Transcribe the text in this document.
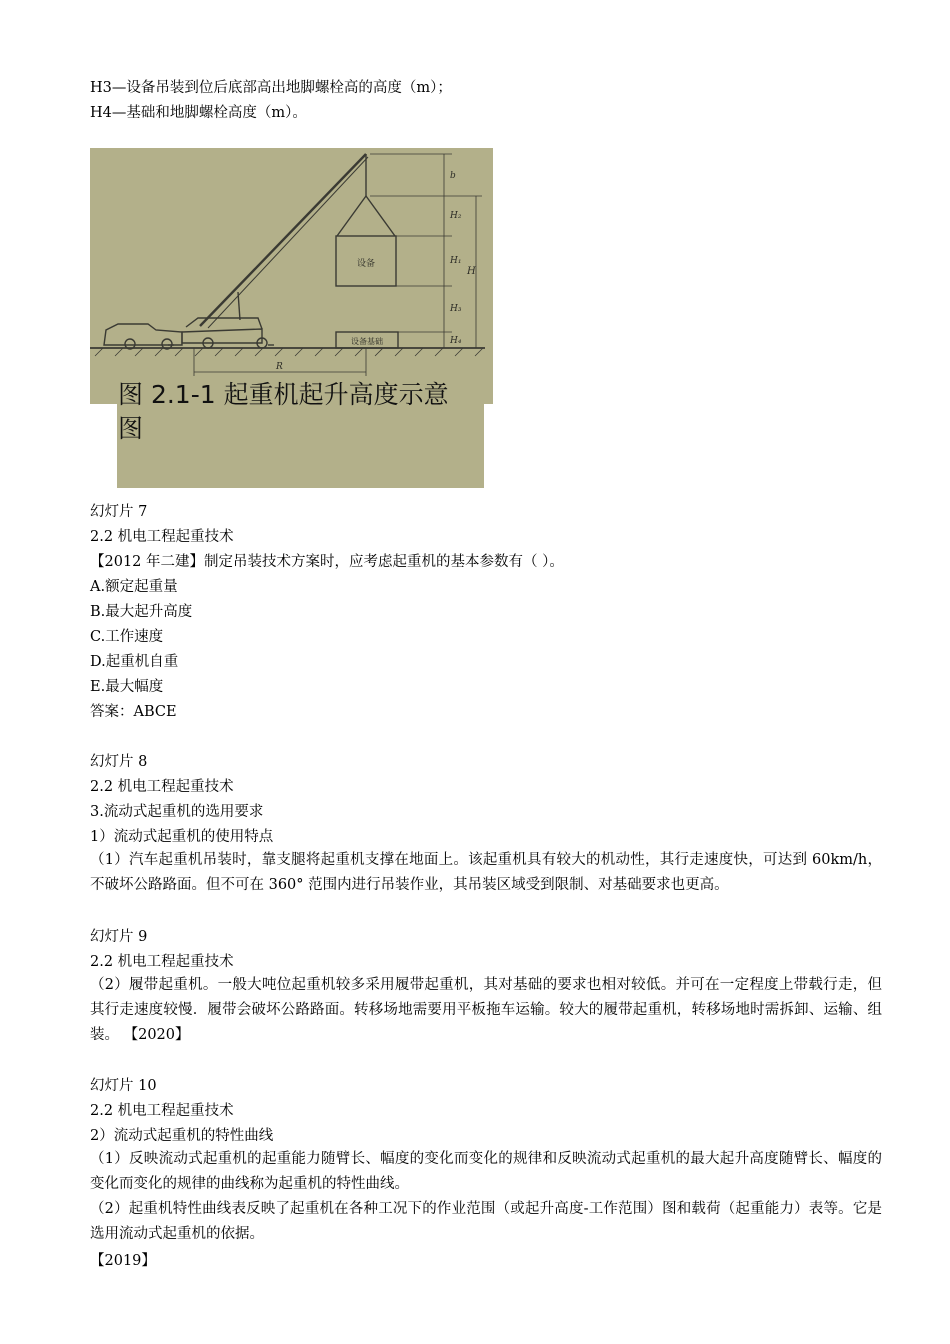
H3—设备吊装到位后底部高出地脚螺栓高的高度（m）；
H4—基础和地脚螺栓高度（m）。
设备
设备基础
b
H₂
H₁
H₃
H₄
H
R
图 2.1-1 起重机起升高度示意
图
幻灯片 7
2.2 机电工程起重技术
【2012 年二建】制定吊装技术方案时，应考虑起重机的基本参数有（ ）。
A.额定起重量
B.最大起升高度
C.工作速度
D.起重机自重
E.最大幅度
答案：ABCE
幻灯片 8
2.2 机电工程起重技术
3.流动式起重机的选用要求
1）流动式起重机的使用特点
（1）汽车起重机吊装时，靠支腿将起重机支撑在地面上。该起重机具有较大的机动性，其行走速度快，可达到 60km/h，不破坏公路路面。但不可在 360° 范围内进行吊装作业，其吊装区域受到限制、对基础要求也更高。
幻灯片 9
2.2 机电工程起重技术
（2）履带起重机。一般大吨位起重机较多采用履带起重机，其对基础的要求也相对较低。并可在一定程度上带载行走，但其行走速度较慢．履带会破坏公路路面。转移场地需要用平板拖车运输。较大的履带起重机，转移场地时需拆卸、运输、组装。 【2020】
幻灯片 10
2.2 机电工程起重技术
2）流动式起重机的特性曲线
（1）反映流动式起重机的起重能力随臂长、幅度的变化而变化的规律和反映流动式起重机的最大起升高度随臂长、幅度的变化而变化的规律的曲线称为起重机的特性曲线。
（2）起重机特性曲线表反映了起重机在各种工况下的作业范围（或起升高度-工作范围）图和载荷（起重能力）表等。它是选用流动式起重机的依据。
【2019】
